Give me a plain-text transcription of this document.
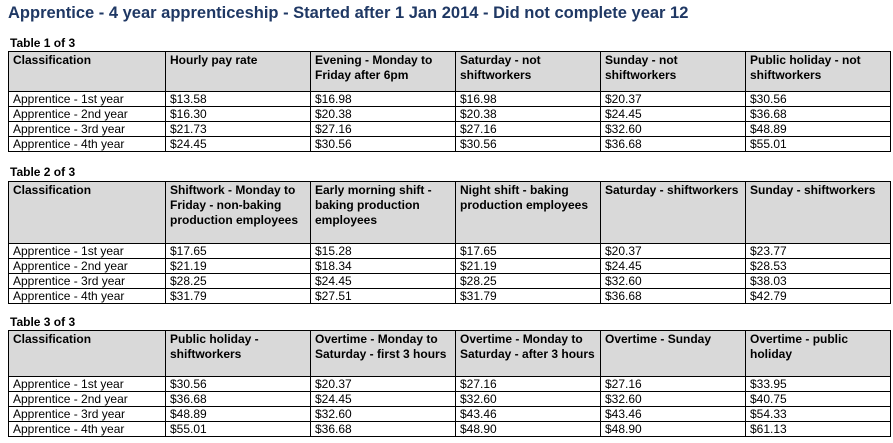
Apprentice - 4 year apprenticeship - Started after 1 Jan 2014 - Did not complete year 12
Table 1 of 3
Classification	Hourly pay rate	Evening - Monday to Friday after 6pm	Saturday - not shiftworkers	Sunday - not shiftworkers	Public holiday - not shiftworkers
Apprentice - 1st year	$13.58	$16.98	$16.98	$20.37	$30.56
Apprentice - 2nd year	$16.30	$20.38	$20.38	$24.45	$36.68
Apprentice - 3rd year	$21.73	$27.16	$27.16	$32.60	$48.89
Apprentice - 4th year	$24.45	$30.56	$30.56	$36.68	$55.01
Table 2 of 3
Classification	Shiftwork - Monday to Friday - non-baking production employees	Early morning shift - baking production employees	Night shift - baking production employees	Saturday - shiftworkers	Sunday - shiftworkers
Apprentice - 1st year	$17.65	$15.28	$17.65	$20.37	$23.77
Apprentice - 2nd year	$21.19	$18.34	$21.19	$24.45	$28.53
Apprentice - 3rd year	$28.25	$24.45	$28.25	$32.60	$38.03
Apprentice - 4th year	$31.79	$27.51	$31.79	$36.68	$42.79
Table 3 of 3
Classification	Public holiday - shiftworkers	Overtime - Monday to Saturday - first 3 hours	Overtime - Monday to Saturday - after 3 hours	Overtime - Sunday	Overtime - public holiday
Apprentice - 1st year	$30.56	$20.37	$27.16	$27.16	$33.95
Apprentice - 2nd year	$36.68	$24.45	$32.60	$32.60	$40.75
Apprentice - 3rd year	$48.89	$32.60	$43.46	$43.46	$54.33
Apprentice - 4th year	$55.01	$36.68	$48.90	$48.90	$61.13
